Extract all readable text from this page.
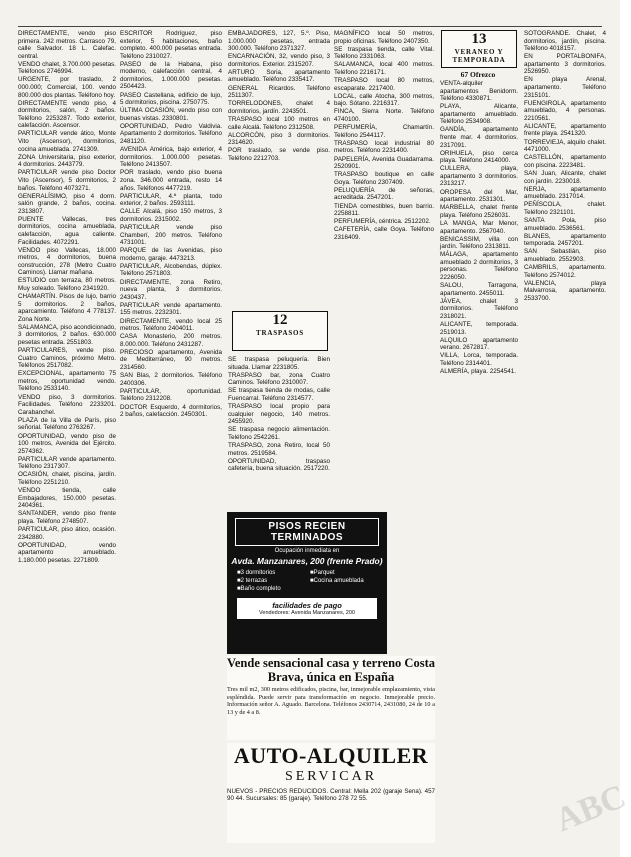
DIRECTAMENTE, vendo piso primera. 242 metros. Carrasco 79, calle Salvador. 18 L. Calefac. central.

VENDO chalet, 3.700.000 pesetas. Teléfonos 2746994.

URGENTE, por traslado, 2 000.000; Comercial, 100. vendo 800.000 dos plantas. Teléfono hoy.

DIRECTAMENTE vendo piso, 4 dormitorios, salón, 2 baños. Teléfono 2253287. Todo exterior, calefacción. Ascensor.

PARTICULAR vende ático, Monte Vito (Ascensor), dormitorios, cocina amueblada. 2741309.

ZONA Universitaria, piso exterior, 4 dormitorios. 2443779.

PARTICULAR vende piso Doctor Vito (Ascensor), 5 dormitorios, 2 baños. Teléfono 4073271.

GENERALÍSIMO, piso 4 dorm. salón grande, 2 baños, cocina. 2313807.

PUENTE Vallecas, tres dormitorios, cocina amueblada, calefacción, agua caliente. Facilidades. 4072291.

VENDO piso Vallecas, 18.000 metros, 4 dormitorios, buena construcción, 278 (Metro Cuatro Caminos). Llamar mañana.

ESTUDIO con terraza, 80 metros. Muy soleado. Teléfono 2341920.

CHAMARTÍN. Pisos de lujo, barrio 5 dormitorios. 2 baños, aparcamiento. Teléfono 4 778137. Zona Norte.

SALAMANCA, piso acondicionado, 3 dormitorios, 2 baños. 630.000 pesetas entrada. 2551803.

PARTICULARES, vende piso. Cuatro Caminos, próximo Metro. Teléfonos 2517082.

EXCEPCIONAL, apartamento 75 metros, oportunidad vendo. Teléfono 2533140.

VENDO piso, 3 dormitorios. Facilidades. Teléfono 2233201. Carabanchel.

PLAZA de la Villa de París, piso señorial. Teléfono 2763267.

OPORTUNIDAD, vendo piso de 100 metros, Avenida del Ejército. 2574362.

PARTICULAR vende apartamento. Teléfono 2317307.

OCASIÓN, chalet, piscina, jardín. Teléfono 2251210.

VENDO tienda, calle Embajadores, 150.000 pesetas. 2404361.

SANTANDER, vendo piso frente playa. Teléfono 2748507.

PARTICULAR, piso ático, ocasión. 2342880.

OPORTUNIDAD, vendo apartamento amueblado. 1.180.000 pesetas. 2271809.

ESCRITOR Rodríguez, piso exterior, 5 habitaciones, baño completo. 400.000 pesetas entrada. Teléfono 2310027.

PASEO de la Habana, piso moderno, calefacción central, 4 dormitorios, 1.000.000 pesetas. 2504423.

PASEO Castellana, edificio de lujo, 5 dormitorios, piscina. 2750775.

ÚLTIMA OCASIÓN, vendo piso con buenas vistas. 2330801.

OPORTUNIDAD, Pedro Valdivia. Apartamento 2 dormitorios. Teléfono 2481120.

AVENIDA América, bajo exterior, 4 dormitorios. 1.000.000 pesetas. Teléfono 2413507.

POR traslado, vendo piso buena zona. 346.000 entrada, resto 14 años. Teléfonos 4477219.

PARTICULAR, 4.ª planta, todo exterior, 2 baños. 2593111.

CALLE Alcalá, piso 150 metros, 3 dormitorios. 2315002.

PARTICULAR vende piso Chamberí, 200 metros. Teléfono 4731001.

PARQUE de las Avenidas, piso moderno, garaje. 4473213.

PARTICULAR, Alcobendas, dúplex. Teléfono 2571803.

DIRECTAMENTE, zona Retiro, nueva planta, 3 dormitorios. 2430437.

PARTICULAR vende apartamento. 155 metros. 2232301.

DIRECTAMENTE, vendo local 25 metros. Teléfono 2404011.

CASA Monasterio, 200 metros. 8.000.000. Teléfono 2431287.

PRECIOSO apartamento, Avenida de Mediterráneo, 90 metros. 2314560.

SAN Blas, 2 dormitorios. Teléfono 2400306.

PARTICULAR, oportunidad. Teléfono 2312208.

DOCTOR Esquerdo, 4 dormitorios, 2 baños, calefacción. 2450301.

EMBAJADORES, 127, 5.º. Piso, 1.000.000 pesetas, entrada 300.000. Teléfono 2371327.

ENCARNACIÓN, 32, vendo piso, 3 dormitorios. Exterior. 2315207.

ARTURO Soria, apartamento amueblado. Teléfono 2335417.

GENERAL Ricardos. Teléfono 2511307.

TORRELODONES, chalet 4 dormitorios, jardín. 2243501.

TRASPASO local 100 metros en calle Alcalá. Teléfono 2312508.

ALCORCÓN, piso 3 dormitorios. 2314620.

POR traslado, se vende piso. Teléfono 2212703.

12
TRASPASOS

SE traspasa peluquería. Bien situada. Llamar 2231805.

TRASPASO bar, zona Cuatro Caminos. Teléfono 2310007.

SE traspasa tienda de modas, calle Fuencarral. Teléfono 2314577.

TRASPASO local propio para cualquier negocio, 140 metros. 2455920.

SE traspasa negocio alimentación. Teléfono 2542261.

TRASPASO, zona Retiro, local 50 metros. 2519584.

OPORTUNIDAD, traspaso cafetería, buena situación. 2517220.

MAGNÍFICO local 50 metros, propio oficinas. Teléfono 2407350.

SE traspasa tienda, calle Vital. Teléfono 2331063.

SALAMANCA, local 400 metros. Teléfono 2216171.

TRASPASO local 80 metros, escaparate. 2217400.

LOCAL, calle Atocha, 300 metros, bajo. Sótano. 2216317.

FINCA, Sierra Norte. Teléfono 4740100.

PERFUMERÍA, Chamartín. Teléfono 2544117.

TRASPASO local industrial 80 metros. Teléfono 2231400.

PAPELERÍA, Avenida Guadarrama. 2520901.

TRASPASO boutique en calle Goya. Teléfono 2307409.

PELUQUERÍA de señoras, acreditada. 2547201.

TIENDA comestibles, buen barrio. 2258811.

PERFUMERÍA, céntrica. 2512202.

CAFETERÍA, calle Goya. Teléfono 2316409.

13
VERANEO Y TEMPORADA
67 Ofrezco

VENTA-alquiler apartamentos Benidorm. Teléfono 4330871.

PLAYA, Alicante, apartamento amueblado. Teléfono 2534908.

GANDÍA, apartamento frente mar. 4 dormitorios. 2317091.

ORIHUELA, piso cerca playa. Teléfono 2414000.

CULLERA, playa, apartamento 3 dormitorios. 2313217.

OROPESA del Mar, apartamento. 2531301.

MARBELLA, chalet frente playa. Teléfono 2526031.

LA MANGA, Mar Menor, apartamento. 2567040.

BENICASSIM, villa con jardín. Teléfono 2313811.

MÁLAGA, apartamento amueblado 2 dormitorios, 3 personas. Teléfono 2226050.

SALOU, Tarragona, apartamento. 2455011.

JÁVEA, chalet 3 dormitorios. Teléfono 2318021.

ALICANTE, temporada. 2519013.

ALQUILO apartamento verano. 2672817.

VILLA, Lorca, temporada. Teléfono 2314401.

ALMERÍA, playa. 2254541.

SOTOGRANDE. Chalet, 4 dormitorios, jardín, piscina. Teléfono 4018157.

EN PORTALBONIFA, apartamento 3 dormitorios. 2526950.

EN playa Arenal, apartamento. Teléfono 2315101.

FUENGIROLA, apartamento amueblado, 4 personas. 2210561.

ALICANTE, apartamento frente playa. 2541320.

TORREVIEJA, alquilo chalet. 4471000.

CASTELLÓN, apartamento con piscina. 2223481.

SAN Juan, Alicante, chalet con jardín. 2230018.

NERJA, apartamento amueblado. 2317014.

PEÑÍSCOLA, chalet. Teléfono 2321101.

SANTA Pola, piso amueblado. 2536561.

BLANES, apartamento temporada. 2457201.

SAN Sebastián, piso amueblado. 2552903.

CAMBRILS, apartamento. Teléfono 2574012.

VALENCIA, playa Malvarrosa, apartamento. 2533700.

PISOS RECIEN TERMINADOS
Ocupación inmediata en
Avda. Manzanares, 200 (frente Prado)
■ 3 dormitorios	■ Parquet
■ 2 terrazas	■ Cocina amueblada
■ Baño completo
facilidades de pago
Vendedores: Avenida Manzanares, 200
Vende sensacional casa y terreno Costa Brava, única en España
Tres mil m2, 300 metros edificados, piscina, bar, inmejorable emplazamiento, vista espléndida. Puede servir para transformación en negocio. Inmejorable precio. Información señor A. Aguado. Barcelona. Teléfonos 2430714, 2431080, 24 de 10 a 13 y de 4 a 8.
AUTO-ALQUILER
SERVICAR
NUEVOS - PRECIOS REDUCIDOS. Central: Mella 202 (garaje Sena). 457 90 44. Sucursales: 85 (garaje). Teléfono 278 72 55.	ABC
